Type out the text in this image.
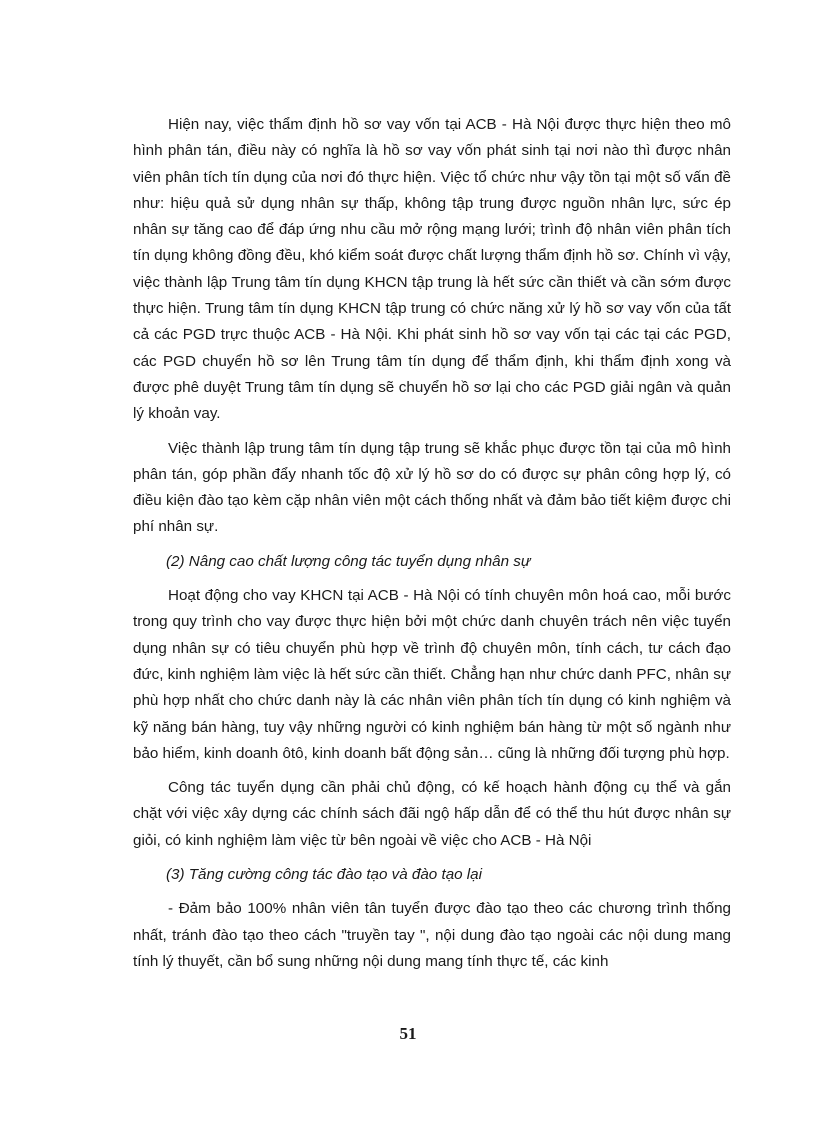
Hiện nay, việc thẩm định hồ sơ vay vốn tại ACB - Hà Nội được thực hiện theo mô hình phân tán, điều này có nghĩa là hồ sơ vay vốn phát sinh tại nơi nào thì được nhân viên phân tích tín dụng của nơi đó thực hiện. Việc tổ chức như vậy tồn tại một số vấn đề như: hiệu quả sử dụng nhân sự thấp, không tập trung được nguồn nhân lực, sức ép nhân sự tăng cao để đáp ứng nhu cầu mở rộng mạng lưới; trình độ nhân viên phân tích tín dụng không đồng đều, khó kiểm soát được chất lượng thẩm định hồ sơ. Chính vì vậy, việc thành lập Trung tâm tín dụng KHCN tập trung là hết sức cần thiết và cần sớm được thực hiện. Trung tâm tín dụng KHCN tập trung có chức năng xử lý hồ sơ vay vốn của tất cả các PGD trực thuộc ACB - Hà Nội. Khi phát sinh hồ sơ vay vốn tại các tại các PGD, các PGD chuyển hồ sơ lên Trung tâm tín dụng để thẩm định, khi thẩm định xong và được phê duyệt Trung tâm tín dụng sẽ chuyển hồ sơ lại cho các PGD giải ngân và quản lý khoản vay.

Việc thành lập trung tâm tín dụng tập trung sẽ khắc phục được tồn tại của mô hình phân tán, góp phần đẩy nhanh tốc độ xử lý hồ sơ do có được sự phân công hợp lý, có điều kiện đào tạo kèm cặp nhân viên một cách thống nhất và đảm bảo tiết kiệm được chi phí nhân sự.

(2) Nâng cao chất lượng công tác tuyển dụng nhân sự

Hoạt động cho vay KHCN tại ACB - Hà Nội có tính chuyên môn hoá cao, mỗi bước trong quy trình cho vay được thực hiện bởi một chức danh chuyên trách nên việc tuyển dụng nhân sự có tiêu chuyển phù hợp về trình độ chuyên môn, tính cách, tư cách đạo đức, kinh nghiệm làm việc là hết sức cần thiết. Chẳng hạn như chức danh PFC, nhân sự phù hợp nhất cho chức danh này là các nhân viên phân tích tín dụng có kinh nghiệm và kỹ năng bán hàng, tuy vậy những người có kinh nghiệm bán hàng từ một số ngành như bảo hiểm, kinh doanh ôtô, kinh doanh bất động sản… cũng là những đối tượng phù hợp.

Công tác tuyển dụng cần phải chủ động, có kế hoạch hành động cụ thể và gắn chặt với việc xây dựng các chính sách đãi ngộ hấp dẫn để có thể thu hút được nhân sự giỏi, có kinh nghiệm làm việc từ bên ngoài về việc cho ACB - Hà Nội

(3) Tăng cường công tác đào tạo và đào tạo lại

- Đảm bảo 100% nhân viên tân tuyển được đào tạo theo các chương trình thống nhất, tránh đào tạo theo cách "truyền tay ", nội dung đào tạo ngoài các nội dung mang tính lý thuyết, cần bổ sung những nội dung mang tính thực tế, các kinh

51
